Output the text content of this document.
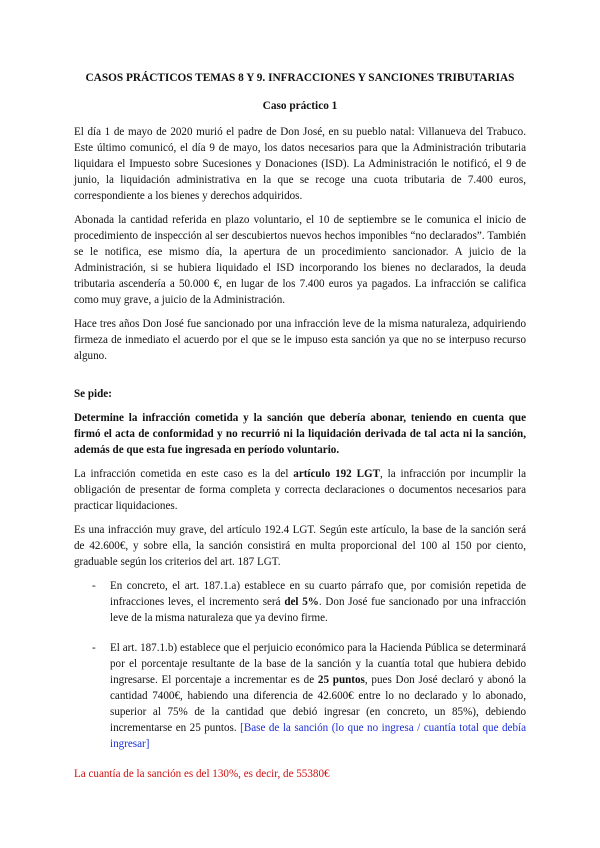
CASOS PRÁCTICOS TEMAS 8 Y 9. INFRACCIONES Y SANCIONES TRIBUTARIAS
Caso práctico 1

El día 1 de mayo de 2020 murió el padre de Don José, en su pueblo natal: Villanueva del Trabuco. Este último comunicó, el día 9 de mayo, los datos necesarios para que la Administración tributaria liquidara el Impuesto sobre Sucesiones y Donaciones (ISD). La Administración le notificó, el 9 de junio, la liquidación administrativa en la que se recoge una cuota tributaria de 7.400 euros, correspondiente a los bienes y derechos adquiridos.

Abonada la cantidad referida en plazo voluntario, el 10 de septiembre se le comunica el inicio de procedimiento de inspección al ser descubiertos nuevos hechos imponibles “no declarados”. También se le notifica, ese mismo día, la apertura de un procedimiento sancionador. A juicio de la Administración, si se hubiera liquidado el ISD incorporando los bienes no declarados, la deuda tributaria ascendería a 50.000 €, en lugar de los 7.400 euros ya pagados. La infracción se califica como muy grave, a juicio de la Administración.

Hace tres años Don José fue sancionado por una infracción leve de la misma naturaleza, adquiriendo firmeza de inmediato el acuerdo por el que se le impuso esta sanción ya que no se interpuso recurso alguno.

Se pide:

Determine la infracción cometida y la sanción que debería abonar, teniendo en cuenta que firmó el acta de conformidad y no recurrió ni la liquidación derivada de tal acta ni la sanción, además de que esta fue ingresada en período voluntario.

La infracción cometida en este caso es la del artículo 192 LGT, la infracción por incumplir la obligación de presentar de forma completa y correcta declaraciones o documentos necesarios para practicar liquidaciones.

Es una infracción muy grave, del artículo 192.4 LGT. Según este artículo, la base de la sanción será de 42.600€, y sobre ella, la sanción consistirá en multa proporcional del 100 al 150 por ciento, graduable según los criterios del art. 187 LGT.

- En concreto, el art. 187.1.a) establece en su cuarto párrafo que, por comisión repetida de infracciones leves, el incremento será del 5%. Don José fue sancionado por una infracción leve de la misma naturaleza que ya devino firme.
- El art. 187.1.b) establece que el perjuicio económico para la Hacienda Pública se determinará por el porcentaje resultante de la base de la sanción y la cuantía total que hubiera debido ingresarse. El porcentaje a incrementar es de 25 puntos, pues Don José declaró y abonó la cantidad 7400€, habiendo una diferencia de 42.600€ entre lo no declarado y lo abonado, superior al 75% de la cantidad que debió ingresar (en concreto, un 85%), debiendo incrementarse en 25 puntos. [Base de la sanción (lo que no ingresa / cuantía total que debía ingresar]

La cuantía de la sanción es del 130%, es decir, de 55380€
